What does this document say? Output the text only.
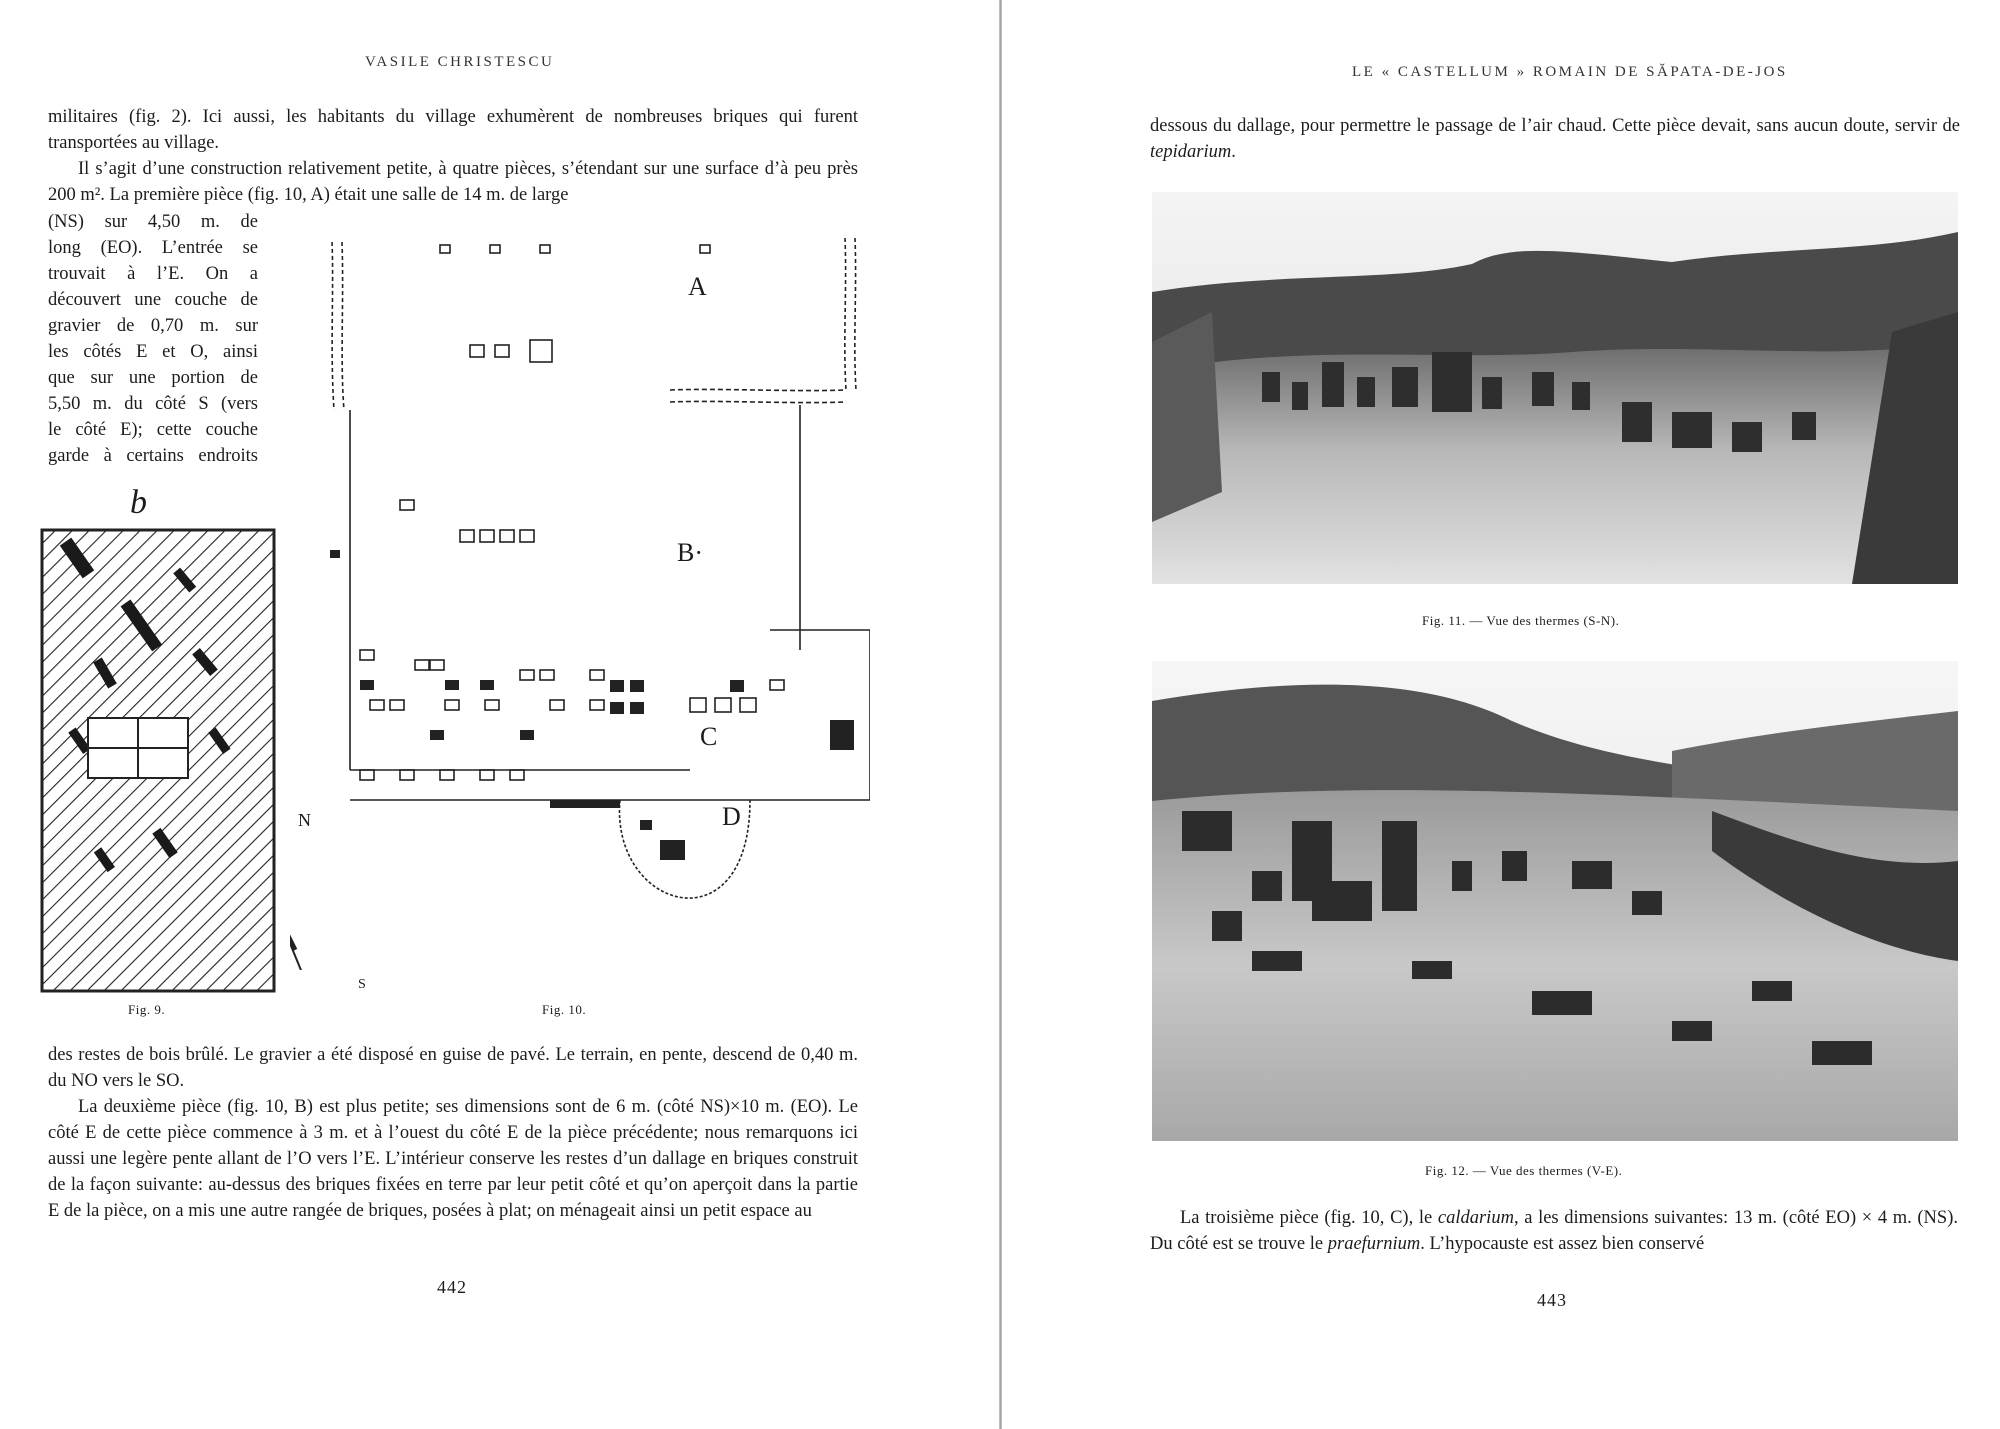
VASILE CHRISTESCU

militaires (fig. 2). Ici aussi, les habitants du village exhumèrent de nombreuses briques qui furent transportées au village.

Il s’agit d’une construction relativement petite, à quatre pièces, s’étendant sur une surface d’à peu près 200 m². La première pièce (fig. 10, A) était une salle de 14 m. de large

(NS) sur 4,50 m. de
long (EO). L’entrée se
trouvait à l’E. On a
découvert une couche de
gravier de 0,70 m. sur
les côtés E et O, ainsi
que sur une portion de
5,50 m. du côté S (vers
le côté E); cette couche
garde à certains endroits
b
Fig. 9.
A
B·
C
D
N
S
Fig. 10.

des restes de bois brûlé. Le gravier a été disposé en guise de pavé. Le terrain, en pente, descend de 0,40 m. du NO vers le SO.

La deuxième pièce (fig. 10, B) est plus petite; ses dimensions sont de 6 m. (côté NS)×10 m. (EO). Le côté E de cette pièce commence à 3 m. et à l’ouest du côté E de la pièce précédente; nous remarquons ici aussi une legère pente allant de l’O vers l’E. L’intérieur conserve les restes d’un dallage en briques construit de la façon suivante: au-dessus des briques fixées en terre par leur petit côté et qu’on aperçoit dans la partie E de la pièce, on a mis une autre rangée de briques, posées à plat; on ménageait ainsi un petit espace au

442
LE « CASTELLUM » ROMAIN DE SĂPATA-DE-JOS

dessous du dallage, pour permettre le passage de l’air chaud. Cette pièce devait, sans aucun doute, servir de tepidarium.

Fig. 11. — Vue des thermes (S-N).
Fig. 12. — Vue des thermes (V-E).

La troisième pièce (fig. 10, C), le caldarium, a les dimensions suivantes: 13 m. (côté EO) × 4 m. (NS). Du côté est se trouve le praefurnium. L’hypocauste est assez bien conservé

443
